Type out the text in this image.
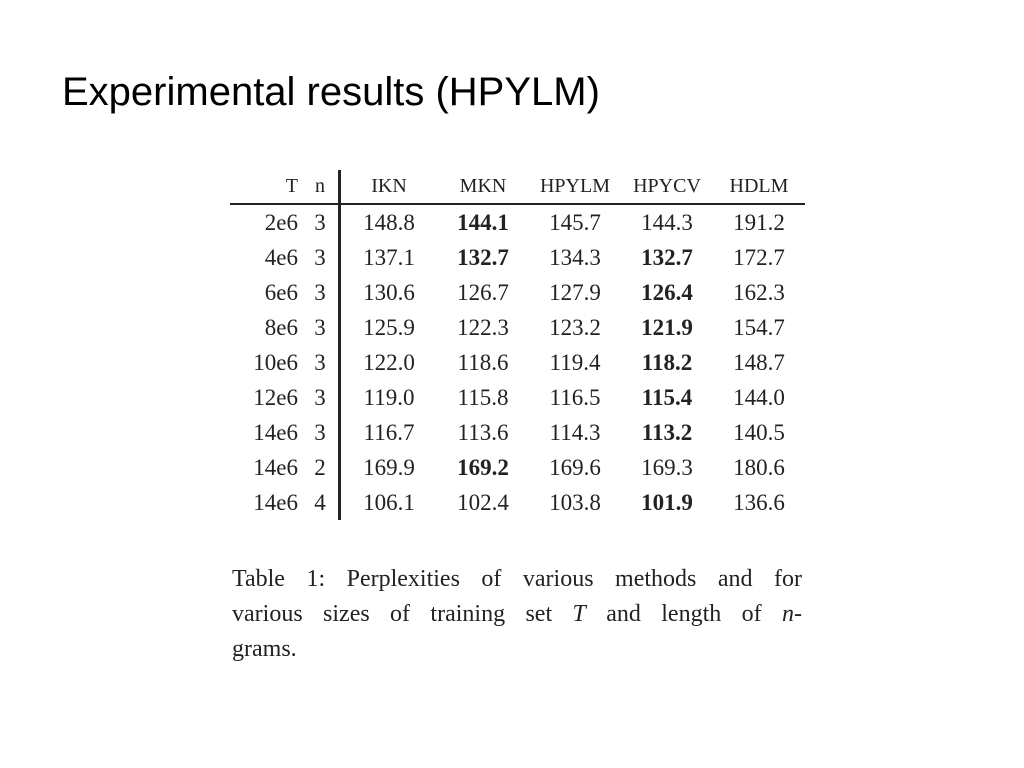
Experimental results (HPYLM)
T	n	IKN	MKN	HPYLM	HPYCV	HDLM
2e6	3	148.8	144.1	145.7	144.3	191.2
4e6	3	137.1	132.7	134.3	132.7	172.7
6e6	3	130.6	126.7	127.9	126.4	162.3
8e6	3	125.9	122.3	123.2	121.9	154.7
10e6	3	122.0	118.6	119.4	118.2	148.7
12e6	3	119.0	115.8	116.5	115.4	144.0
14e6	3	116.7	113.6	114.3	113.2	140.5
14e6	2	169.9	169.2	169.6	169.3	180.6
14e6	4	106.1	102.4	103.8	101.9	136.6
Table 1: Perplexities of various methods and for
various sizes of training set T and length of n-
grams.
